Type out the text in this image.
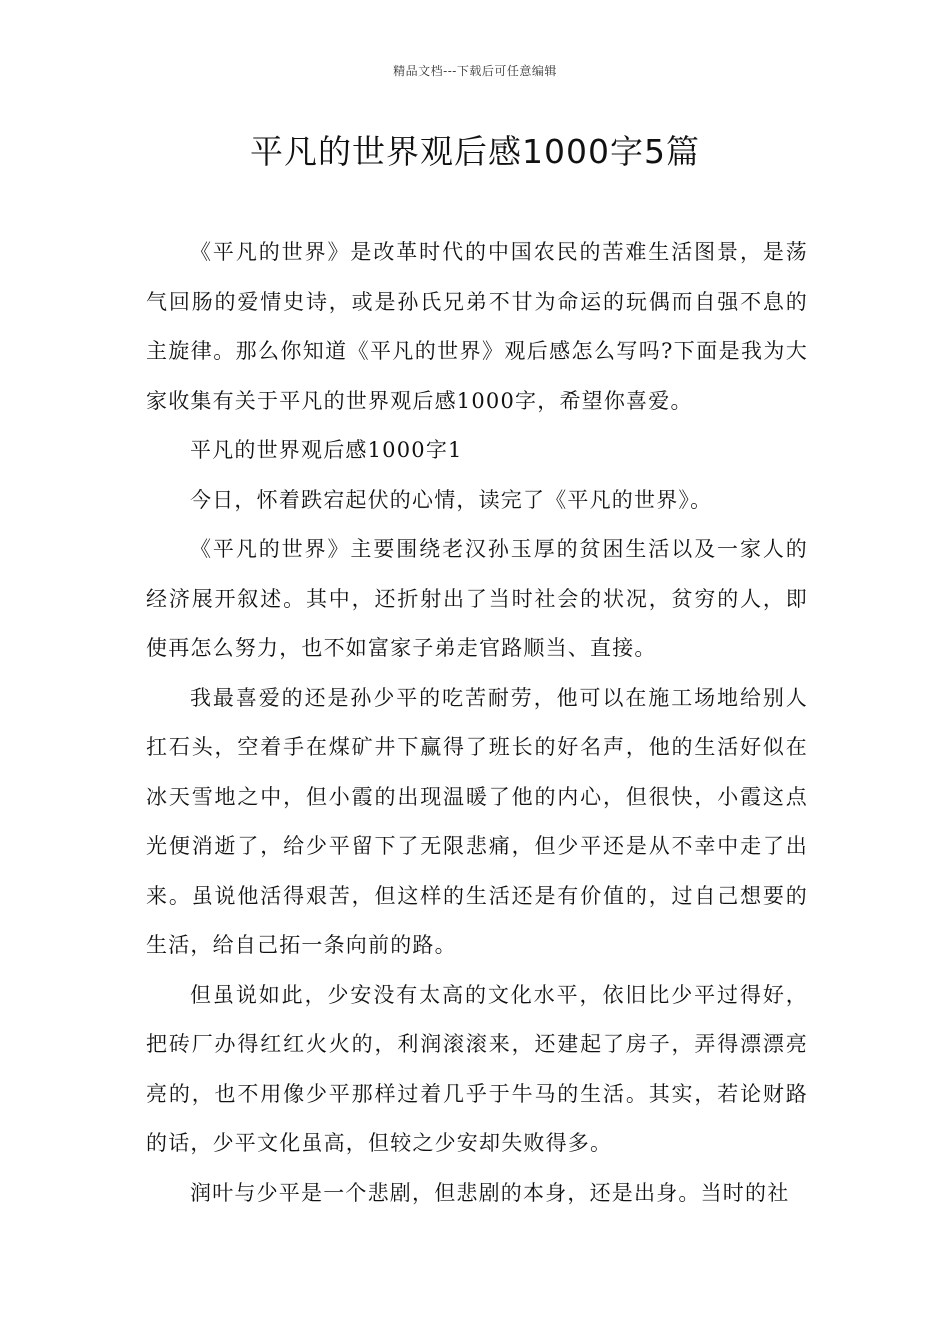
精品文档---下载后可任意编辑
平凡的世界观后感1000字5篇

《平凡的世界》是改革时代的中国农民的苦难生活图景，是荡气回肠的爱情史诗，或是孙氏兄弟不甘为命运的玩偶而自强不息的主旋律。那么你知道《平凡的世界》观后感怎么写吗?下面是我为大家收集有关于平凡的世界观后感1000字，希望你喜爱。

平凡的世界观后感1000字1

今日，怀着跌宕起伏的心情，读完了《平凡的世界》。

《平凡的世界》主要围绕老汉孙玉厚的贫困生活以及一家人的经济展开叙述。其中，还折射出了当时社会的状况，贫穷的人，即使再怎么努力，也不如富家子弟走官路顺当、直接。

我最喜爱的还是孙少平的吃苦耐劳，他可以在施工场地给别人扛石头，空着手在煤矿井下赢得了班长的好名声，他的生活好似在冰天雪地之中，但小霞的出现温暖了他的内心，但很快，小霞这点光便消逝了，给少平留下了无限悲痛，但少平还是从不幸中走了出来。虽说他活得艰苦，但这样的生活还是有价值的，过自己想要的生活，给自己拓一条向前的路。

但虽说如此，少安没有太高的文化水平，依旧比少平过得好，把砖厂办得红红火火的，利润滚滚来，还建起了房子，弄得漂漂亮亮的，也不用像少平那样过着几乎于牛马的生活。其实，若论财路的话，少平文化虽高，但较之少安却失败得多。

润叶与少平是一个悲剧，但悲剧的本身，还是出身。当时的社
